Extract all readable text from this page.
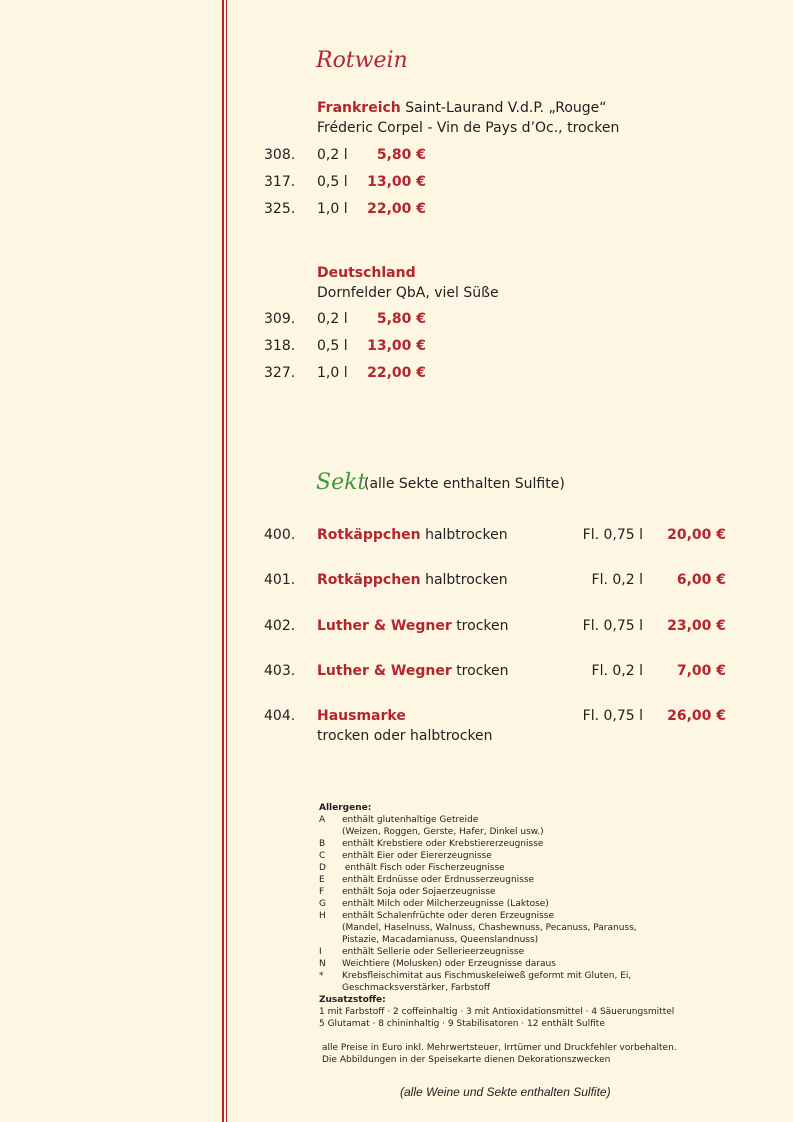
Rotwein
Frankreich Saint-Laurand V.d.P. „Rouge“
Fréderic Corpel - Vin de Pays d’Oc., trocken
308. 0,2 l	5,80 €
317. 0,5 l	13,00 €
325. 1,0 l	22,00 €
Deutschland
Dornfelder QbA, viel Süße
309. 0,2 l	5,80 €
318. 0,5 l	13,00 €
327. 1,0 l	22,00 €
Sekt
(alle Sekte enthalten Sulfite)
400. Rotkäppchen halbtrocken	Fl. 0,75 l	20,00 €
401. Rotkäppchen halbtrocken	Fl. 0,2 l	6,00 €
402. Luther & Wegner trocken	Fl. 0,75 l	23,00 €
403. Luther & Wegner trocken	Fl. 0,2 l	7,00 €
404. Hausmarke
trocken oder halbtrocken
Fl. 0,75 l	26,00 €
Allergene:
A	enthält glutenhaltige Getreide
(Weizen, Roggen, Gerste, Hafer, Dinkel usw.)
B	enthält Krebstiere oder Krebstiererzeugnisse
C	enthält Eier oder Eiererzeugnisse
D	enthält Fisch oder Fischerzeugnisse
E	enthält Erdnüsse oder Erdnusserzeugnisse
F	enthält Soja oder Sojaerzeugnisse
G	enthält Milch oder Milcherzeugnisse (Laktose)
H	enthält Schalenfrüchte oder deren Erzeugnisse
(Mandel, Haselnuss, Walnuss, Chashewnuss, Pecanuss, Paranuss,
Pistazie, Macadamianuss, Queenslandnuss)
I	enthält Sellerie oder Sellerieerzeugnisse
N	Weichtiere (Molusken) oder Erzeugnisse daraus
*	Krebsfleischimitat aus Fischmuskeleiweß geformt mit Gluten, Ei,
Geschmacksverstärker, Farbstoff
Zusatzstoffe:
1 mit Farbstoff · 2 coffeinhaltig · 3 mit Antioxidationsmittel · 4 Säuerungsmittel
5 Glutamat · 8 chininhaltig · 9 Stabilisatoren · 12 enthält Sulfite
alle Preise in Euro inkl. Mehrwertsteuer, Irrtümer und Druckfehler vorbehalten.
Die Abbildungen in der Speisekarte dienen Dekorationszwecken
(alle Weine und Sekte enthalten Sulfite)
